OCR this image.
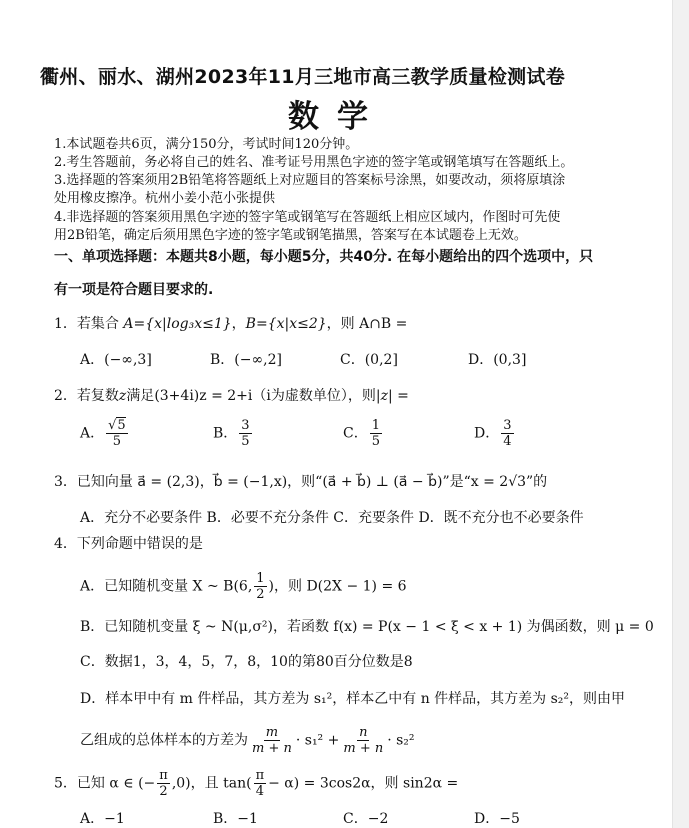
衢州、丽水、湖州2023年11月三地市高三教学质量检测试卷
数学
1.本试题卷共6页，满分150分，考试时间120分钟。
2.考生答题前，务必将自己的姓名、准考证号用黑色字迹的签字笔或钢笔填写在答题纸上。
3.选择题的答案须用2B铅笔将答题纸上对应题目的答案标号涂黑，如要改动，须将原填涂
处用橡皮擦净。杭州小姜小范小张提供
4.非选择题的答案须用黑色字迹的签字笔或钢笔写在答题纸上相应区域内，作图时可先使
用2B铅笔，确定后须用黑色字迹的签字笔或钢笔描黑，答案写在本试题卷上无效。
一、单项选择题：本题共8小题，每小题5分，共40分. 在每小题给出的四个选项中，只
有一项是符合题目要求的.
1．若集合 A={x|log₃x≤1}，B={x|x≤2}，则 A∩B =
A．(−∞,3]	B．(−∞,2]	C．(0,2]	D．(0,3]
2．若复数z满足(3+4i)z = 2+i（i为虚数单位），则|z| =
A． $\frac{√5}{5}$	B． $\frac{3}{5}$	C． $\frac{1}{5}$	D． $\frac{3}{4}$
3．已知向量 a⃗ = (2,3)，b⃗ = (−1,x)，则“(a⃗ + b⃗) ⊥ (a⃗ − b⃗)”是“x = 2√3”的
A．充分不必要条件 B．必要不充分条件 C．充要条件 D．既不充分也不必要条件
4．下列命题中错误的是
A．已知随机变量 X ~ B(6, $\frac{1}{2}$ )，则 D(2X − 1) = 6
B．已知随机变量 ξ ~ N(μ,σ²)，若函数 f(x) = P(x − 1 < ξ < x + 1) 为偶函数，则 μ = 0
C．数据1，3，4，5，7，8，10的第80百分位数是8
D．样本甲中有 m 件样品，其方差为 s₁²，样本乙中有 n 件样品，其方差为 s₂²，则由甲
乙组成的总体样本的方差为 $\frac{m}{m + n} \cdot s_1^2 + \frac{n}{m + n} \cdot s_2^2$
5．已知 α ∈ (− $\frac{\pi}{2} ,0$)，且 $\tan( \frac{\pi}{4} - \alpha) = 3\cos 2\alpha$，则 sin2α =
A．−1	B．−1	C．−2	D．−5
